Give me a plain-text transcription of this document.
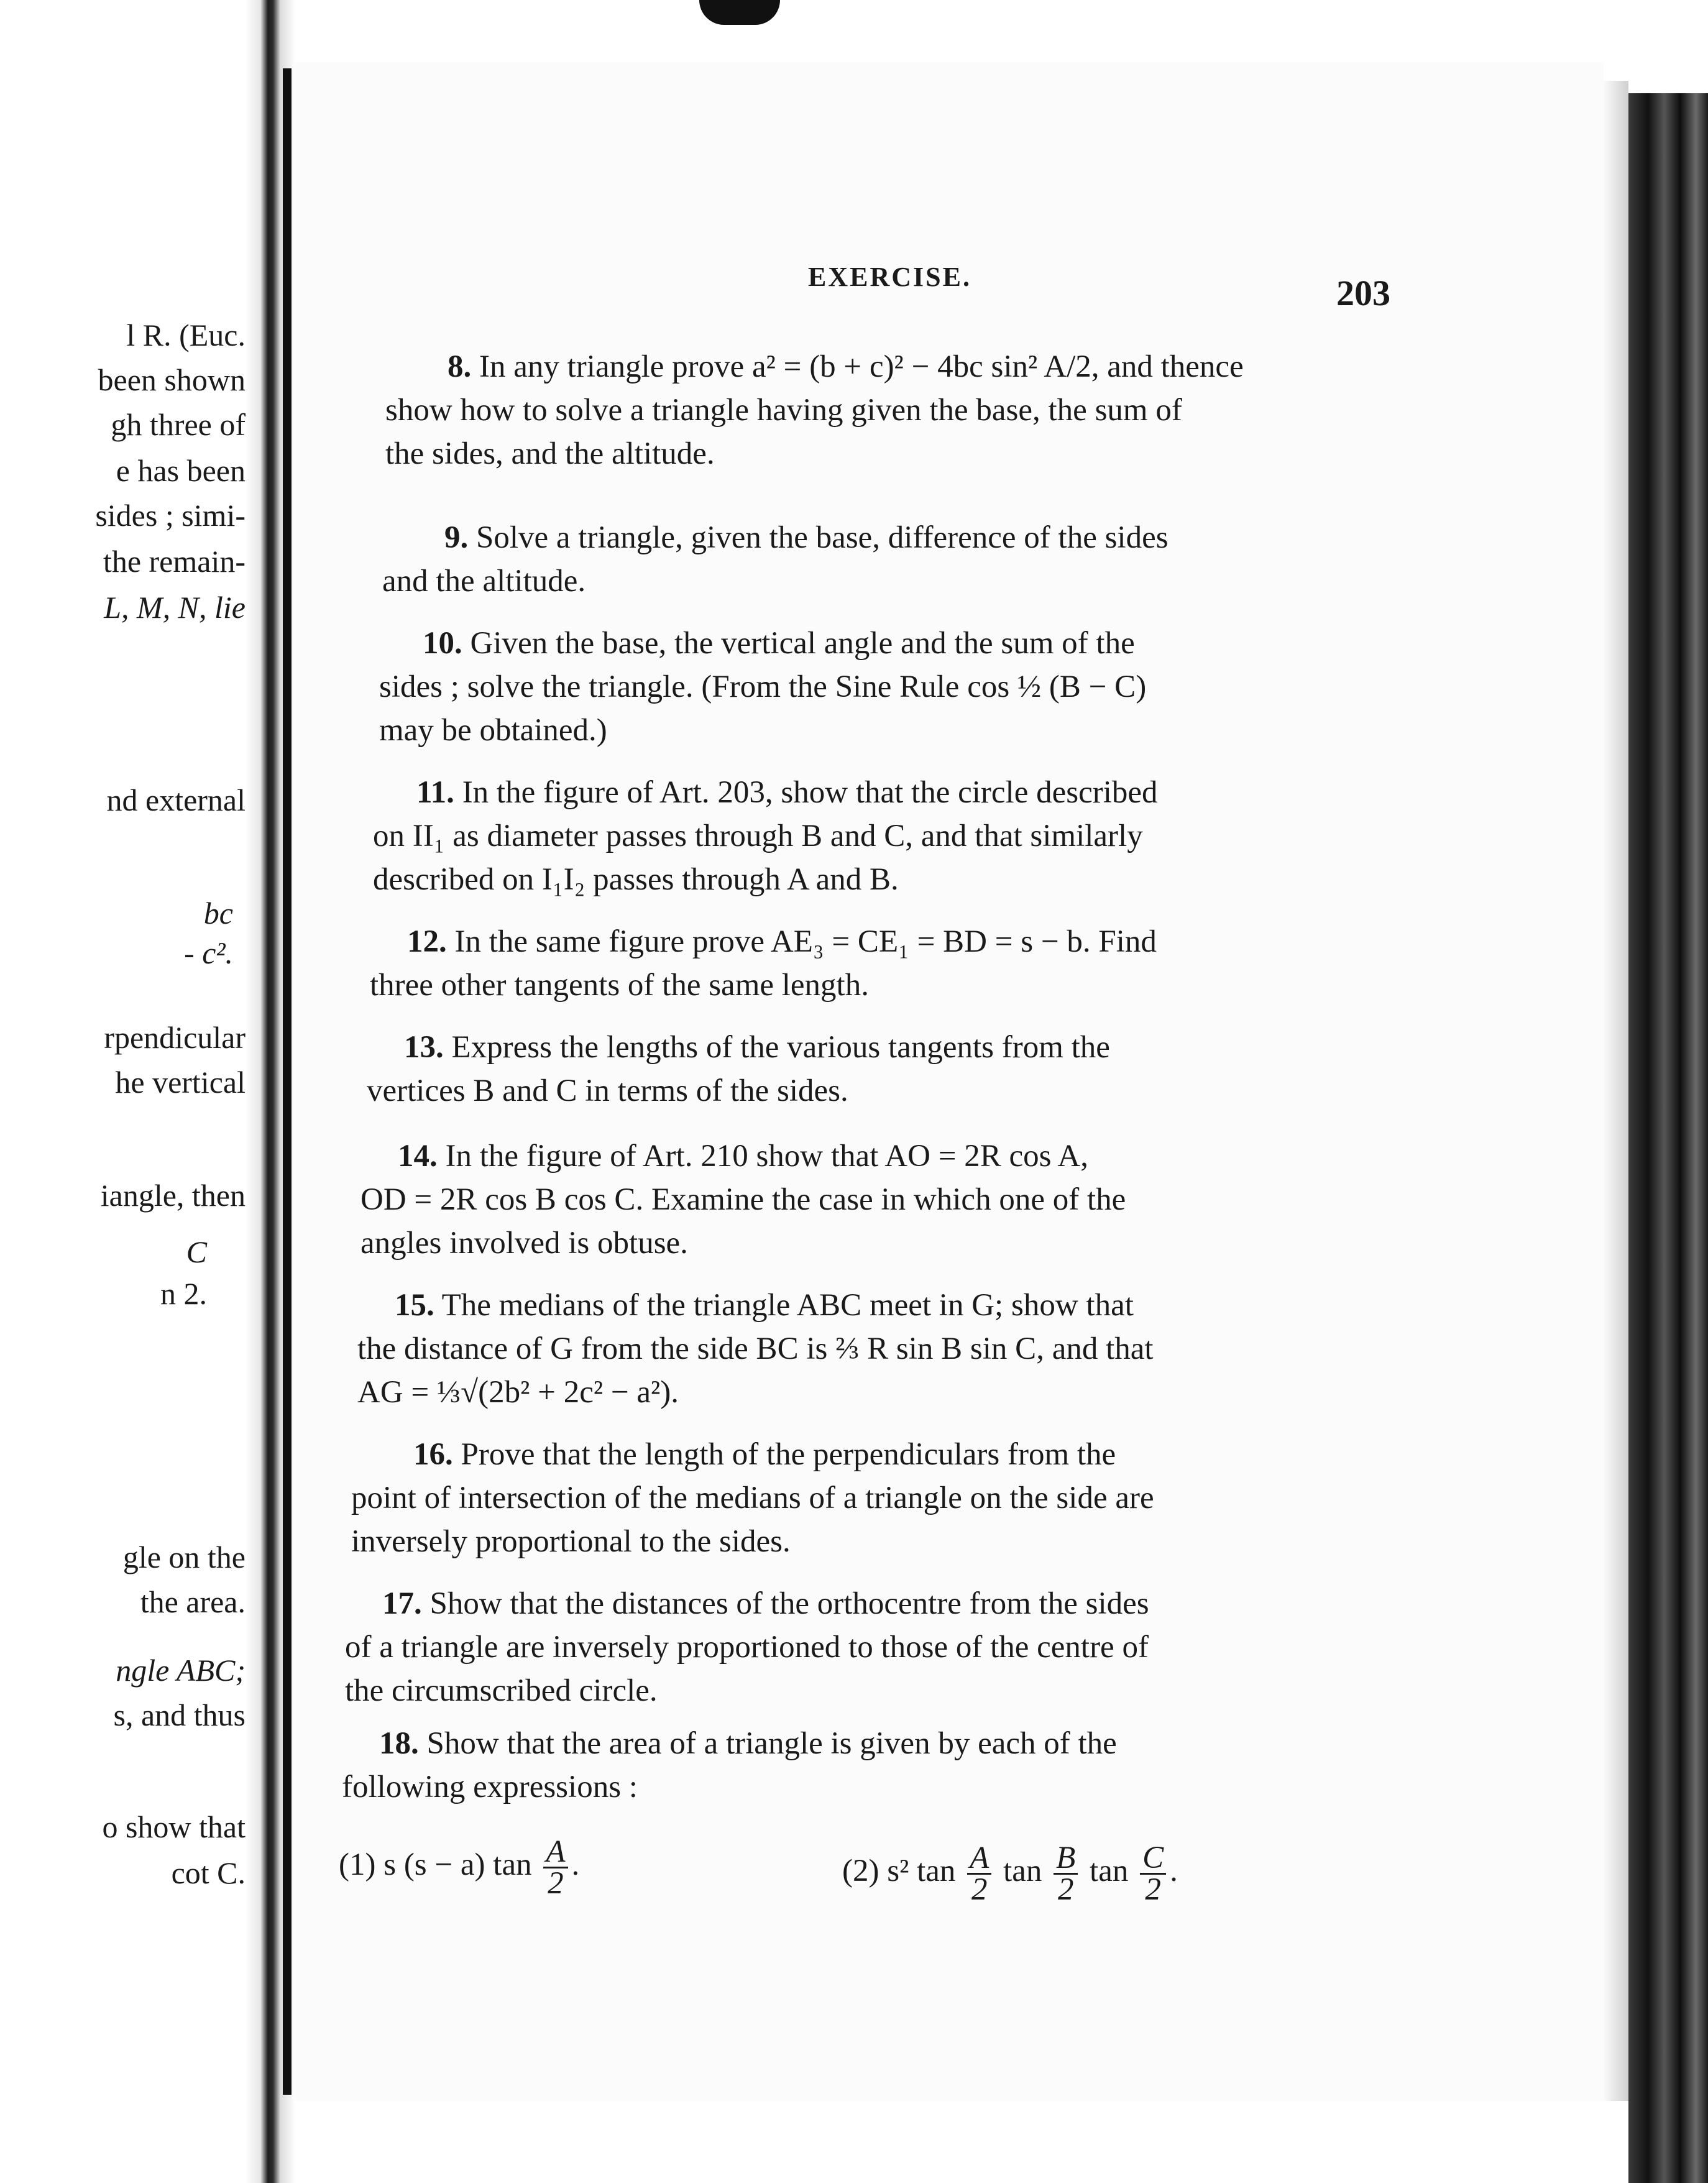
l R. (Euc.
been shown
gh three of
e has been
sides ; simi-
the remain-
L, M, N, lie
nd external
bc
- c².
rpendicular
he vertical
iangle, then
C
n 2.
gle on the
the area.
ngle ABC;
s, and thus
o show that
cot C.
EXERCISE.	203
8. In any triangle prove a² = (b + c)² − 4bc sin² A/2, and thence
show how to solve a triangle having given the base, the sum of
the sides, and the altitude.
9. Solve a triangle, given the base, difference of the sides
and the altitude.
10. Given the base, the vertical angle and the sum of the
sides ; solve the triangle. (From the Sine Rule cos ½ (B − C)
may be obtained.)
11. In the figure of Art. 203, show that the circle described
on II₁ as diameter passes through B and C, and that similarly
described on I₁I₂ passes through A and B.
12. In the same figure prove AE₃ = CE₁ = BD = s − b. Find
three other tangents of the same length.
13. Express the lengths of the various tangents from the
vertices B and C in terms of the sides.
14. In the figure of Art. 210 show that AO = 2R cos A,
OD = 2R cos B cos C. Examine the case in which one of the
angles involved is obtuse.
15. The medians of the triangle ABC meet in G; show that
the distance of G from the side BC is ⅔ R sin B sin C, and that
AG = ⅓√(2b² + 2c² − a²).
16. Prove that the length of the perpendiculars from the
point of intersection of the medians of a triangle on the side are
inversely proportional to the sides.
17. Show that the distances of the orthocentre from the sides
of a triangle are inversely proportioned to those of the centre of
the circumscribed circle.
18. Show that the area of a triangle is given by each of the
following expressions :
(1) s (s − a) $\tan \frac{A}{2}$ .	(2) s² $\tan \frac{A}{2}$ $\tan \frac{B}{2}$ $\tan \frac{C}{2}$ .
